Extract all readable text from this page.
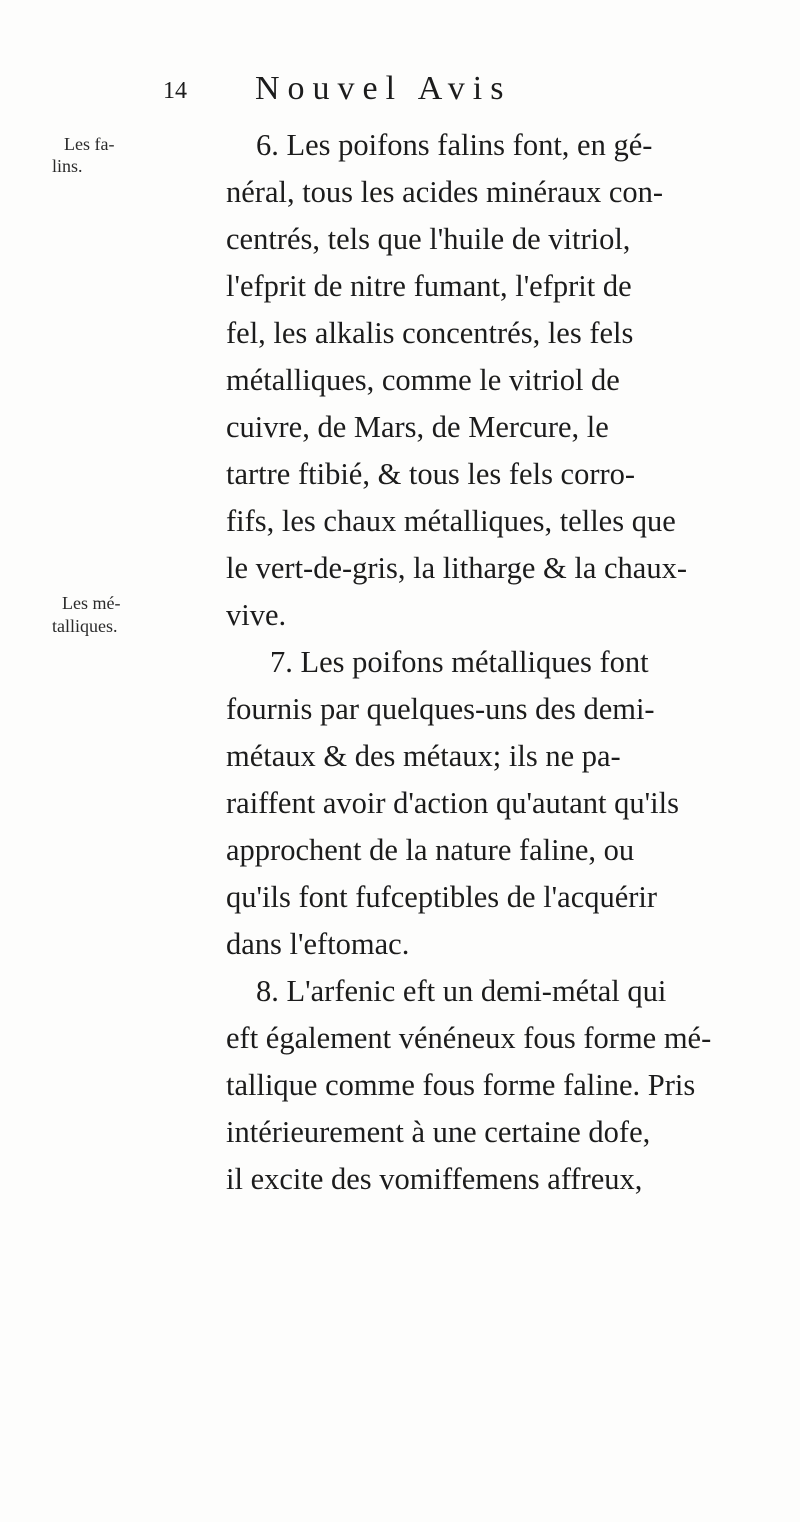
14 Nouvel Avis
Les fa-
lins.
Les mé-
talliques.
6. Les poifons falins font, en gé-
néral, tous les acides minéraux con-
centrés, tels que l'huile de vitriol,
l'efprit de nitre fumant, l'efprit de
fel, les alkalis concentrés, les fels
métalliques, comme le vitriol de
cuivre, de Mars, de Mercure, le
tartre ftibié, & tous les fels corro-
fifs, les chaux métalliques, telles que
le vert-de-gris, la litharge & la chaux-
vive.
7. Les poifons métalliques font
fournis par quelques-uns des demi-
métaux & des métaux; ils ne pa-
raiffent avoir d'action qu'autant qu'ils
approchent de la nature faline, ou
qu'ils font fufceptibles de l'acquérir
dans l'eftomac.
8. L'arfenic eft un demi-métal qui
eft également vénéneux fous forme mé-
tallique comme fous forme faline. Pris
intérieurement à une certaine dofe,
il excite des vomiffemens affreux,
